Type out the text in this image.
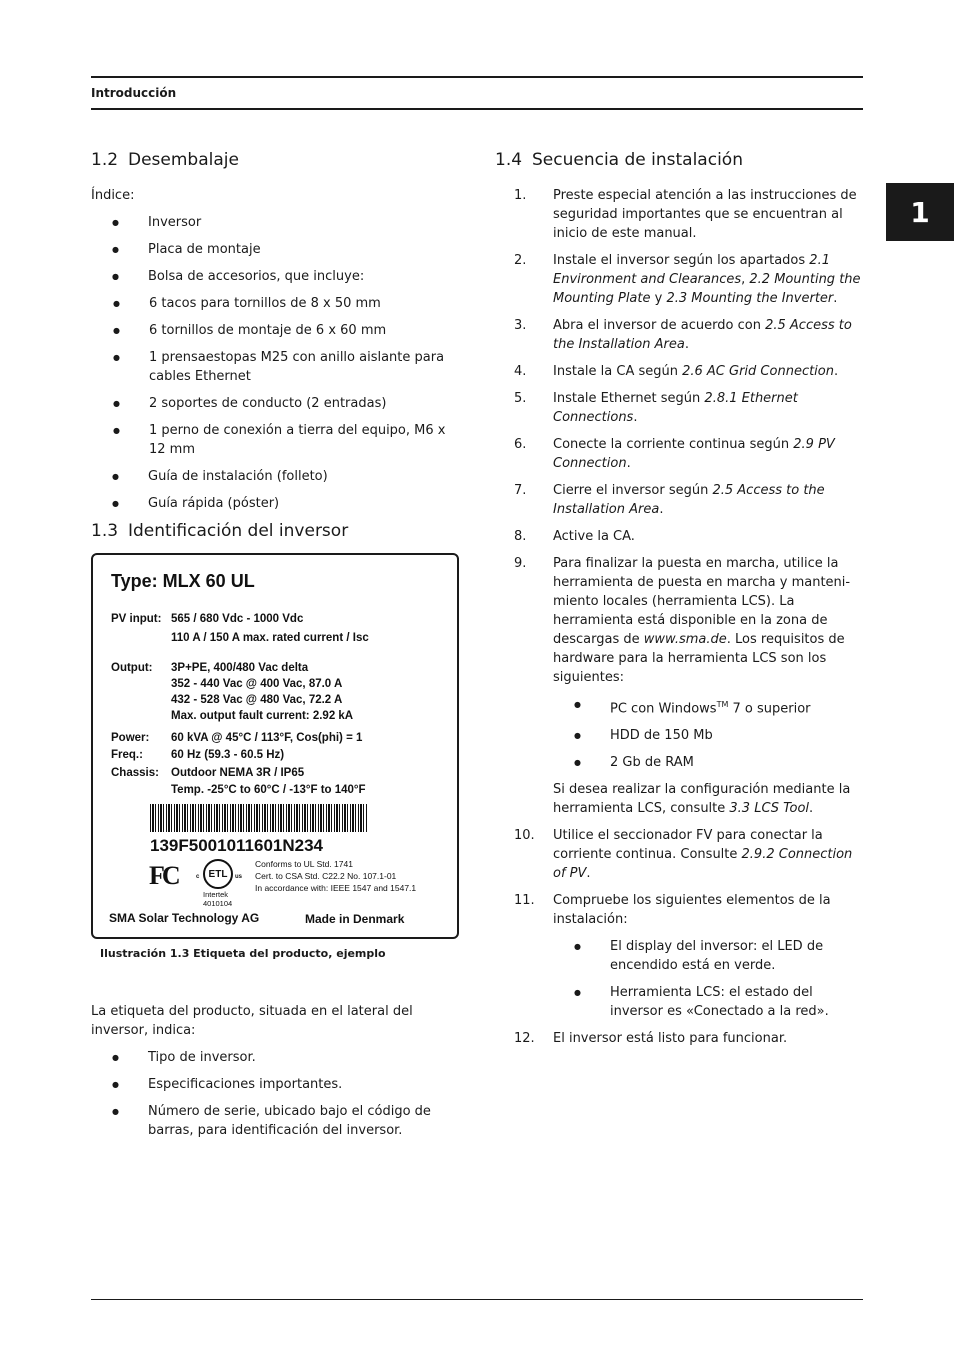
Introducción
1
1.2 Desembalaje

Índice:

● Inversor
● Placa de montaje
● Bolsa de accesorios, que incluye:
●
● 6 tacos para tornillos de 8 x 50 mm
● 6 tornillos de montaje de 6 x 60 mm
● 1 prensaestopas M25 con anillo aislante para cables Ethernet
● 2 soportes de conducto (2 entradas)
● 1 perno de conexión a tierra del equipo, M6 x 12 mm
● Guía de instalación (folleto)
● Guía rápida (póster)
1.3 Identificación del inversor
Type: MLX 60 UL
PV input: 565 / 680 Vdc - 1000 Vdc
110 A / 150 A max. rated current / Isc
Output: 3P+PE, 400/480 Vac delta
352 - 440 Vac @ 400 Vac, 87.0 A
432 - 528 Vac @ 480 Vac, 72.2 A
Max. output fault current: 2.92 kA
Power: 60 kVA @ 45°C / 113°F, Cos(phi) = 1
Freq.: 60 Hz (59.3 - 60.5 Hz)
Chassis: Outdoor NEMA 3R / IP65
Temp. -25°C to 60°C / -13°F to 140°F
139F5001011601N234
FC	c ETL	us
Intertek
4010104
Conforms to UL Std. 1741
Cert. to CSA Std. C22.2 No. 107.1-01
In accordance with: IEEE 1547 and 1547.1
SMA Solar Technology AG	Made in Denmark
Ilustración 1.3 Etiqueta del producto, ejemplo

La etiqueta del producto, situada en el lateral del inversor, indica:

● Tipo de inversor.
● Especificaciones importantes.
● Número de serie, ubicado bajo el código de barras, para identificación del inversor.
1.4 Secuencia de instalación
1. Preste especial atención a las instrucciones de seguridad importantes que se encuentran al inicio de este manual.
2. Instale el inversor según los apartados 2.1 Environment and Clearances, 2.2 Mounting the Mounting Plate y 2.3 Mounting the Inverter.
3. Abra el inversor de acuerdo con 2.5 Access to the Installation Area.
4. Instale la CA según 2.6 AC Grid Connection.
5. Instale Ethernet según 2.8.1 Ethernet Connections.
6. Conecte la corriente continua según 2.9 PV Connection.
7. Cierre el inversor según 2.5 Access to the Installation Area.
8. Active la CA.
9.	Para finalizar la puesta en marcha, utilice la herramienta de puesta en marcha y manteni-miento locales (herramienta LCS). La herramienta está disponible en la zona de descargas de www.sma.de. Los requisitos de hardware para la herramienta LCS son los siguientes:
● PC con Windows™ 7 o superior
● HDD de 150 Mb
● 2 Gb de RAM
Si desea realizar la configuración mediante la herramienta LCS, consulte 3.3 LCS Tool.
10. Utilice el seccionador FV para conectar la corriente continua. Consulte 2.9.2 Connection of PV.
11.	Compruebe los siguientes elementos de la instalación:
● El display del inversor: el LED de encendido está en verde.
● Herramienta LCS: el estado del inversor es «Conectado a la red».
12. El inversor está listo para funcionar.
